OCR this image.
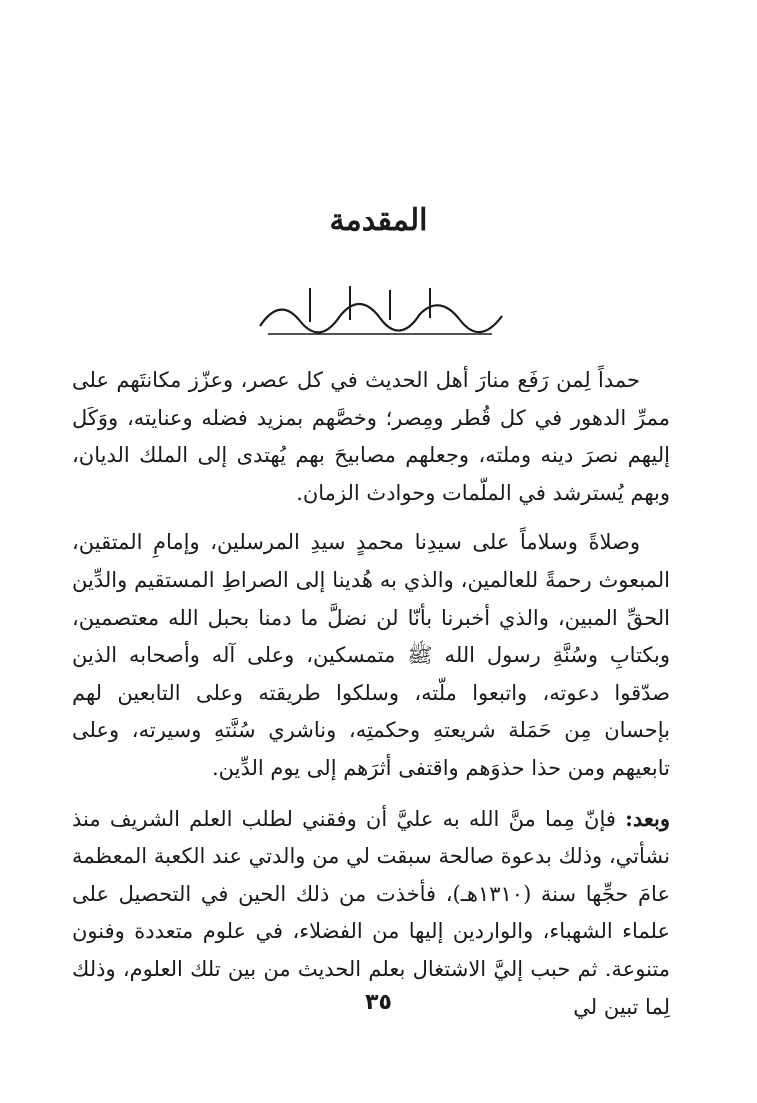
المقدمة

حمداً لِمن رَفَع منارَ أهل الحديث في كل عصر، وعزّز مكانتَهم على ممرِّ الدهور في كل قُطر ومِصر؛ وخصَّهم بمزيد فضله وعنايته، ووَكَل إليهم نصرَ دينه وملته، وجعلهم مصابيحَ بهم يُهتدى إلى الملك الديان، وبهم يُسترشد في الملّمات وحوادث الزمان.

وصلاةً وسلاماً على سيدِنا محمدٍ سيدِ المرسلين، وإمامِ المتقين، المبعوث رحمةً للعالمين، والذي به هُدينا إلى الصراطِ المستقيم والدِّين الحقِّ المبين، والذي أخبرنا بأنّا لن نضلَّ ما دمنا بحبل الله معتصمين، وبكتابِ وسُنَّةِ رسول الله ﷺ متمسكين، وعلى آله وأصحابه الذين صدّقوا دعوته، واتبعوا ملّته، وسلكوا طريقته وعلى التابعين لهم بإحسان مِن حَمَلة شريعتهِ وحكمتِه، وناشري سُنَّتهِ وسيرته، وعلى تابعيهم ومن حذا حذوَهم واقتفى أثرَهم إلى يوم الدِّين.

وبعد: فإنّ مِما منَّ الله به عليَّ أن وفقني لطلب العلم الشريف منذ نشأتي، وذلك بدعوة صالحة سبقت لي من والدتي عند الكعبة المعظمة عامَ حجِّها سنة (١٣١٠هـ)، فأخذت من ذلك الحين في التحصيل على علماء الشهباء، والواردين إليها من الفضلاء، في علوم متعددة وفنون متنوعة. ثم حبب إليَّ الاشتغال بعلم الحديث من بين تلك العلوم، وذلك لِما تبين لي

٣٥
